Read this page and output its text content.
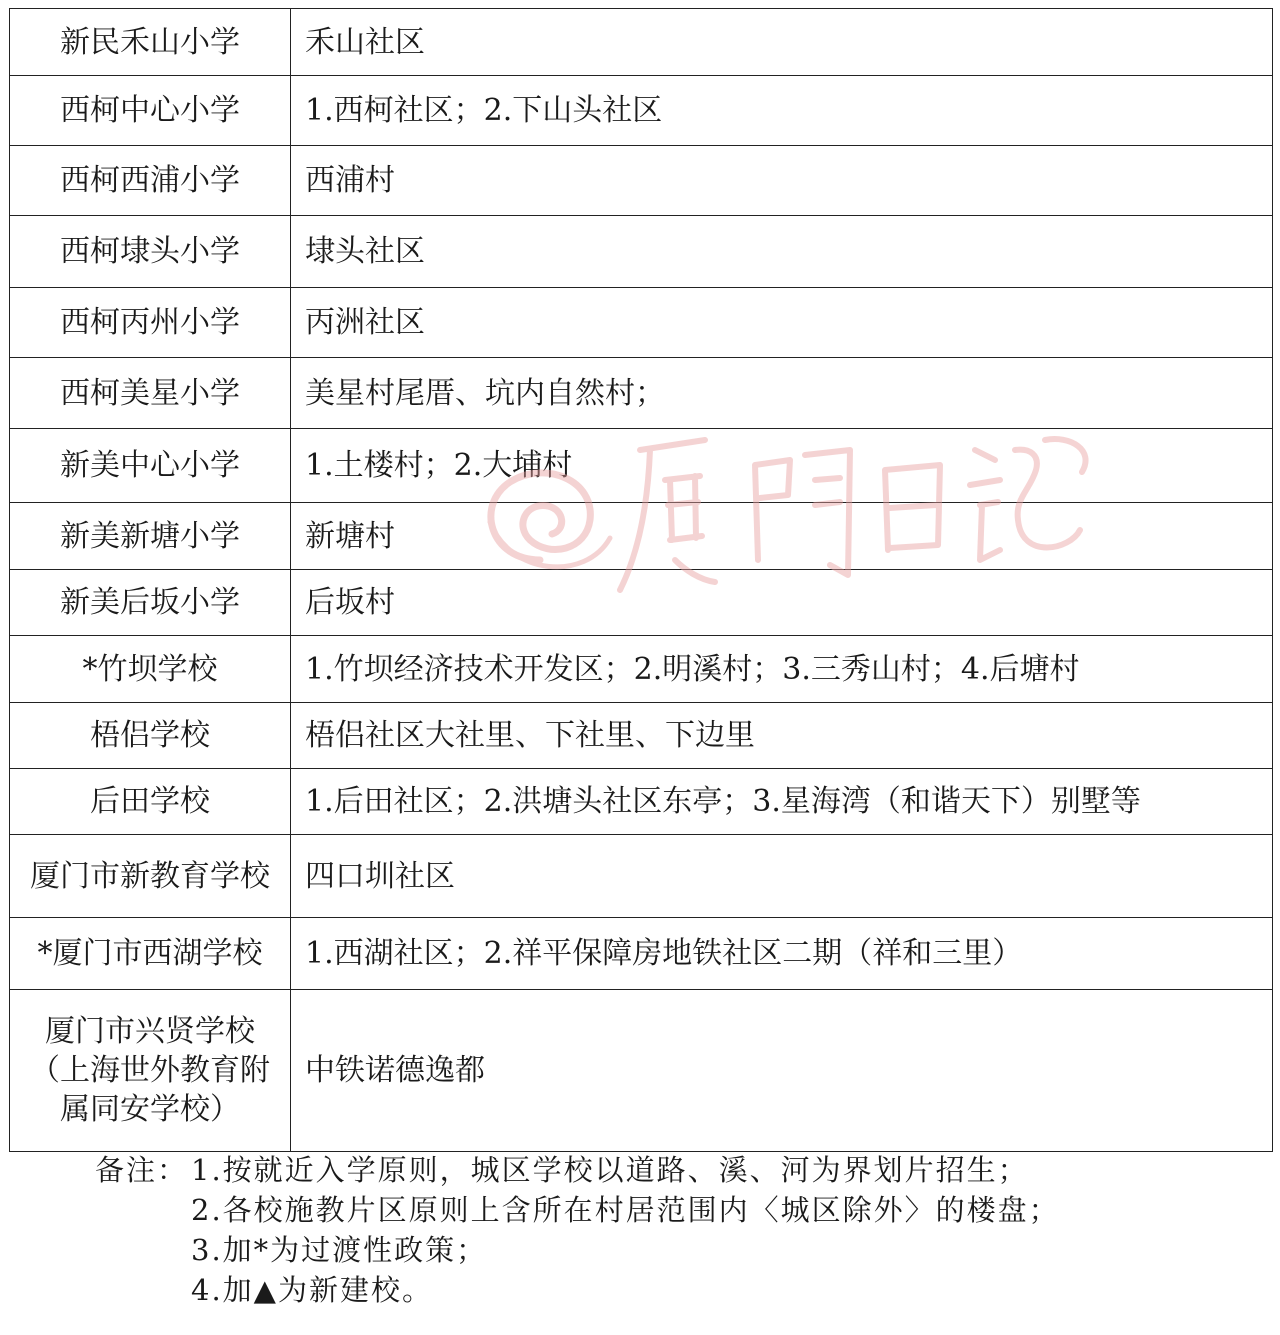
新民禾山小学	禾山社区
西柯中心小学	1.西柯社区；2.下山头社区
西柯西浦小学	西浦村
西柯埭头小学	埭头社区
西柯丙州小学	丙洲社区
西柯美星小学	美星村尾厝、坑内自然村；
新美中心小学	1.土楼村；2.大埔村
新美新塘小学	新塘村
新美后坂小学	后坂村
*竹坝学校	1.竹坝经济技术开发区；2.明溪村；3.三秀山村；4.后塘村
梧侣学校	梧侣社区大社里、下社里、下边里
后田学校	1.后田社区；2.洪塘头社区东亭；3.星海湾（和谐天下）别墅等
厦门市新教育学校	四口圳社区
*厦门市西湖学校	1.西湖社区；2.祥平保障房地铁社区二期（祥和三里）
厦门市兴贤学校（上海世外教育附属同安学校）	中铁诺德逸都
备注： 1.按就近入学原则，城区学校以道路、溪、河为界划片招生；
2.各校施教片区原则上含所在村居范围内〈城区除外〉的楼盘；
3.加*为过渡性政策；
4.加▲为新建校。
